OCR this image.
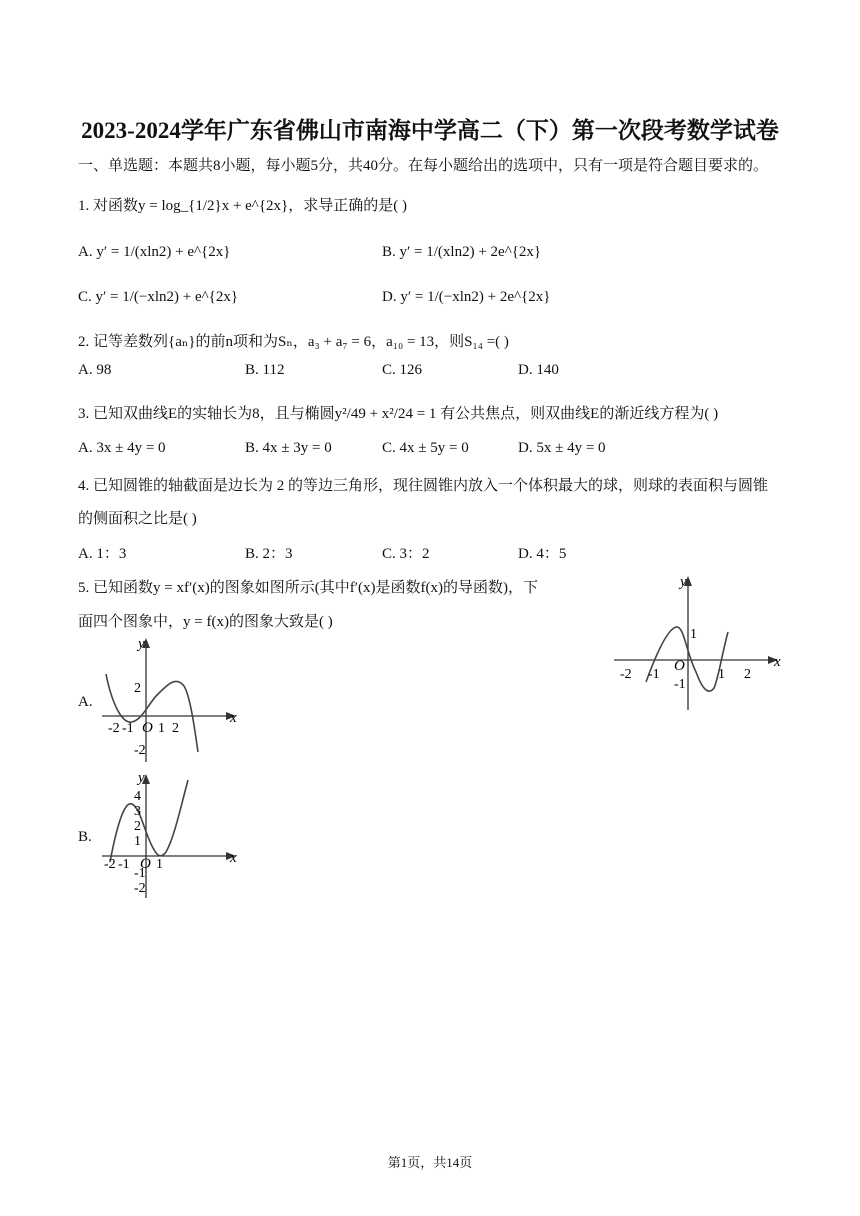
2023-2024学年广东省佛山市南海中学高二（下）第一次段考数学试卷
一、单选题：本题共8小题，每小题5分，共40分。在每小题给出的选项中，只有一项是符合题目要求的。
1. 对函数y = log_{1/2}x + e^{2x}，求导正确的是( )
A. y′ = 1/(xln2) + e^{2x}	B. y′ = 1/(xln2) + 2e^{2x}
C. y′ = 1/(−xln2) + e^{2x}	D. y′ = 1/(−xln2) + 2e^{2x}
2. 记等差数列{aₙ}的前n项和为Sₙ，a₃ + a₇ = 6，a₁₀ = 13，则S₁₄ =( )
A. 98	B. 112	C. 126	D. 140
3. 已知双曲线E的实轴长为8，且与椭圆y²/49 + x²/24 = 1 有公共焦点，则双曲线E的渐近线方程为( )
A. 3x ± 4y = 0	B. 4x ± 3y = 0	C. 4x ± 5y = 0	D. 5x ± 4y = 0
4. 已知圆锥的轴截面是边长为 2 的等边三角形，现往圆锥内放入一个体积最大的球，则球的表面积与圆锥
的侧面积之比是( )
A. 1：3	B. 2：3	C. 3：2	D. 4：5
5. 已知函数y = xf′(x)的图象如图所示(其中f′(x)是函数f(x)的导函数)，下
面四个图象中，y = f(x)的图象大致是( )
x
y
-2 -1	1 2
1
-1
O
A.
x
y
-2 -1 1 2
2
-2
O
B.
x
y
-2 -1 1
4
3
2
1
-1
-2
O
第1页，共14页
